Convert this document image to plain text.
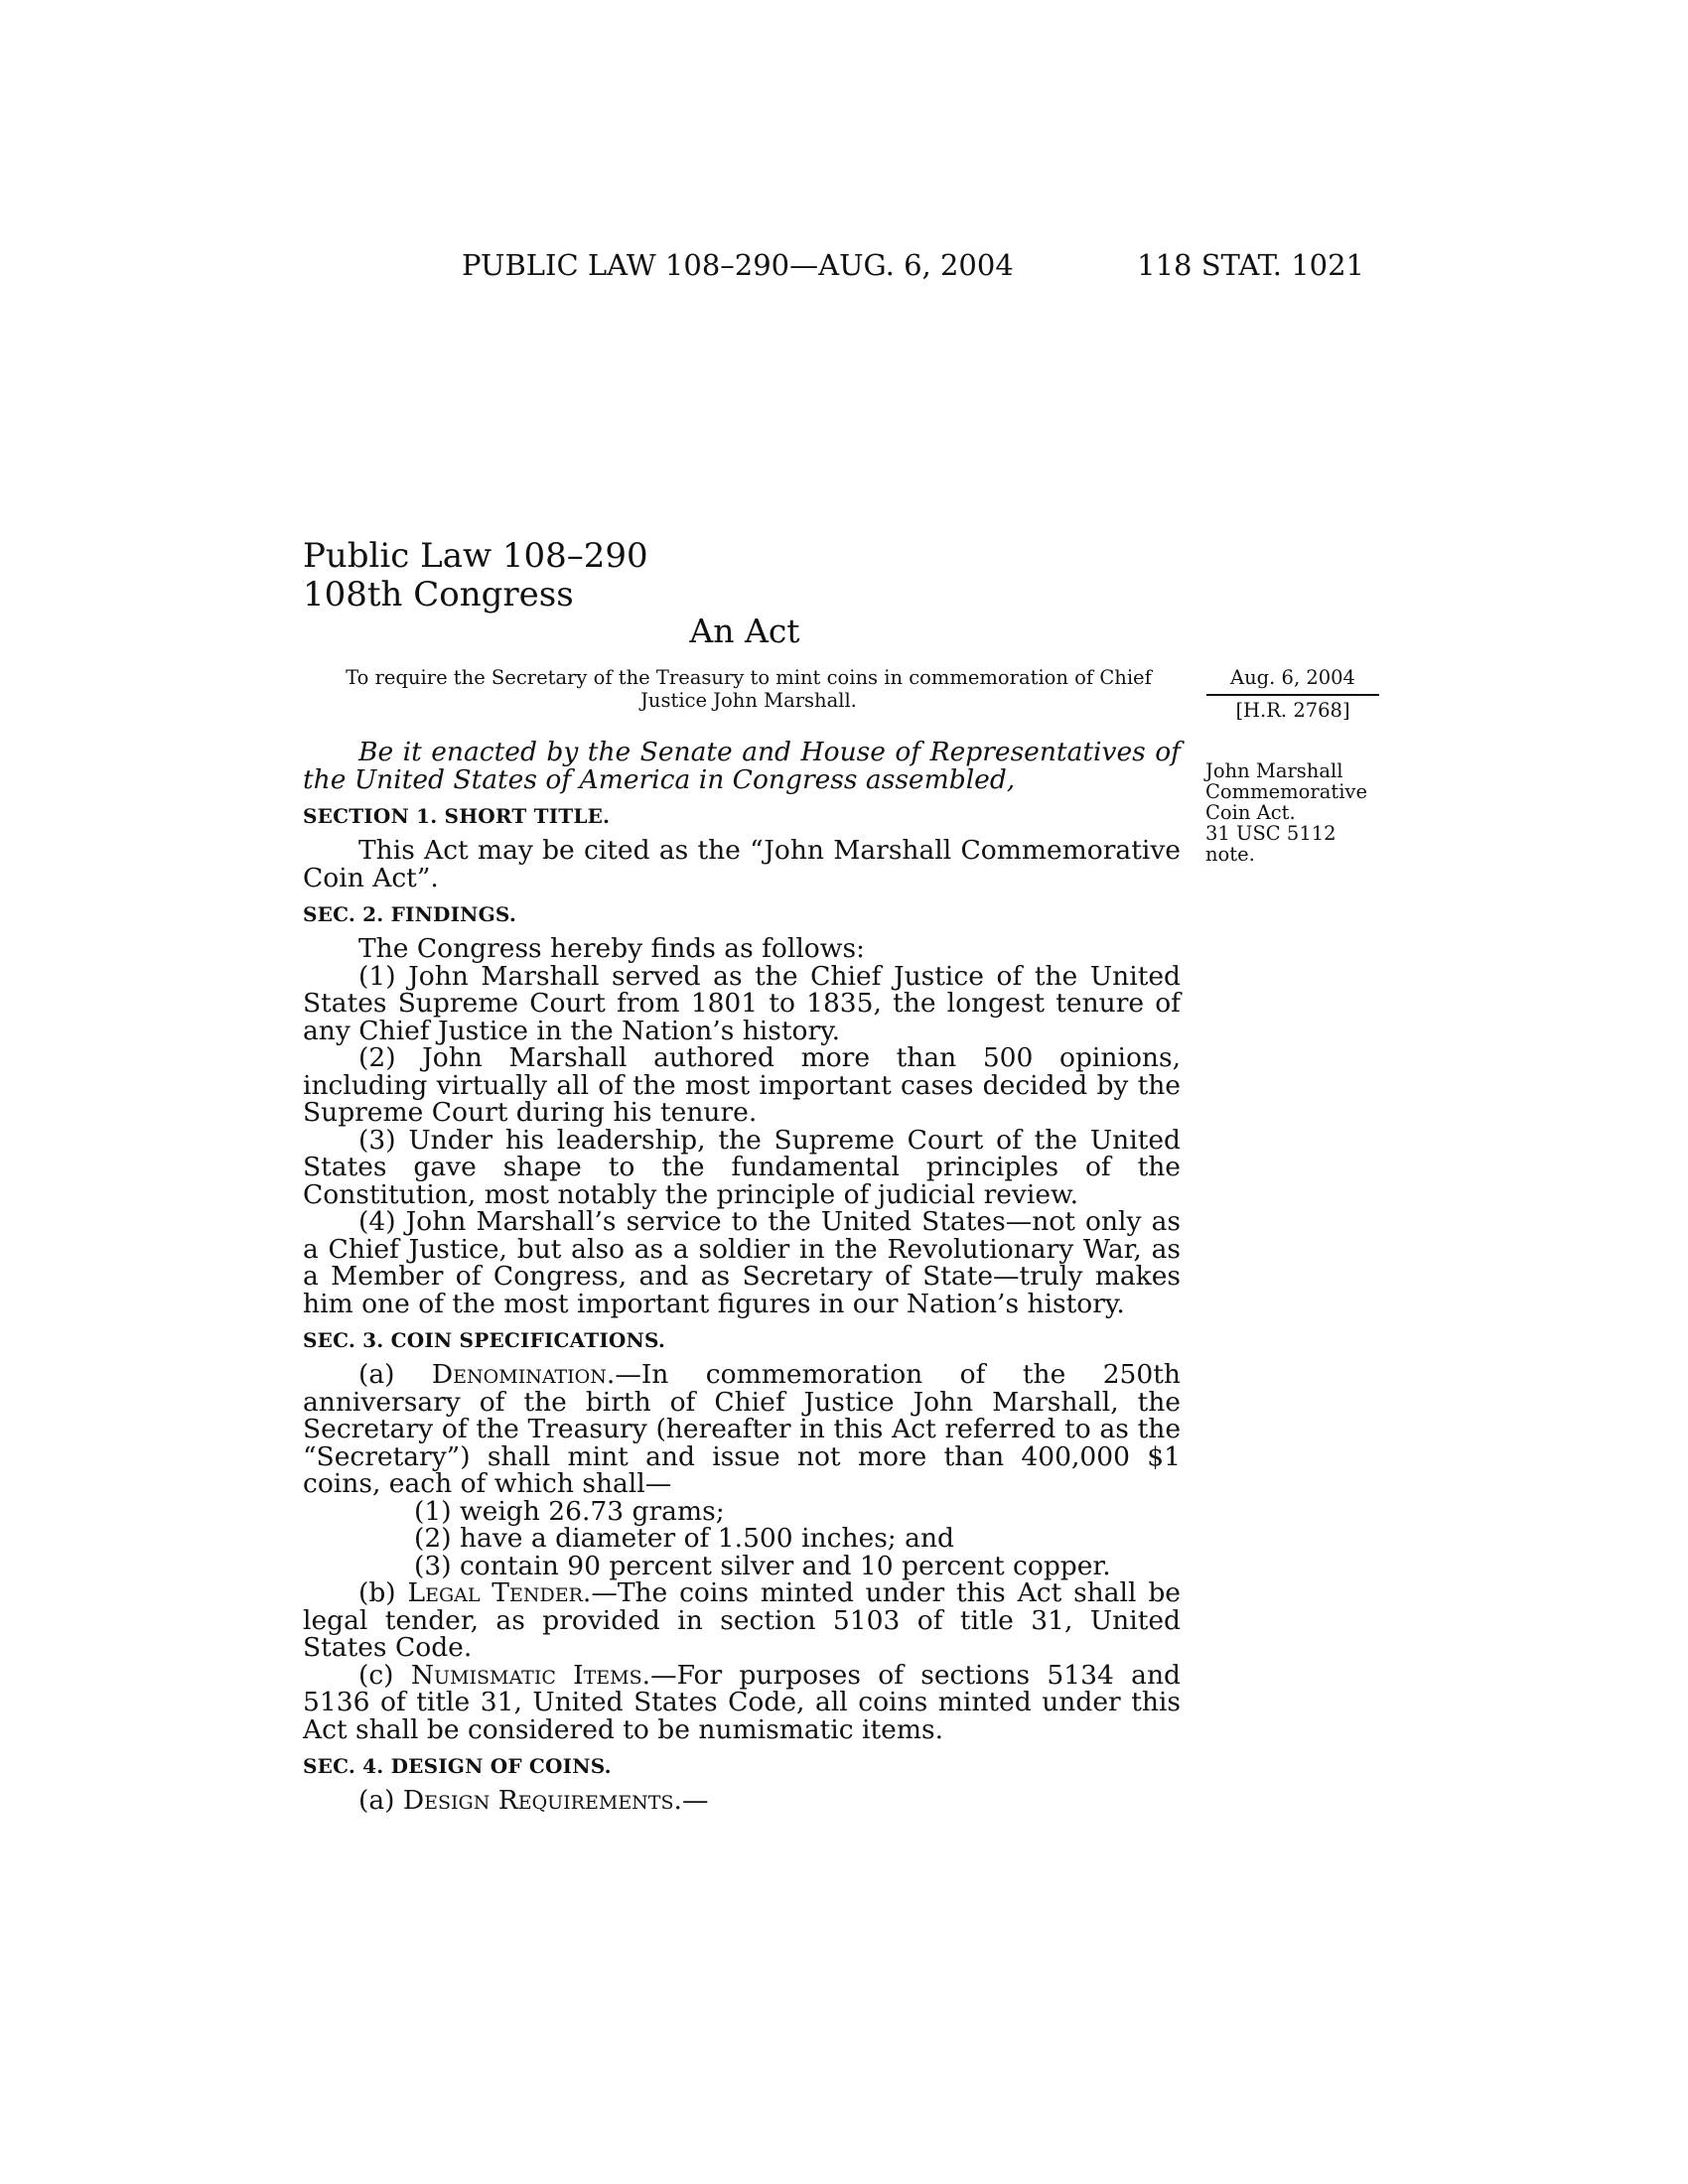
PUBLIC LAW 108–290—AUG. 6, 2004	118 STAT. 1021
Public Law 108–290
108th Congress
An Act
To require the Secretary of the Treasury to mint coins in commemoration of Chief
Justice John Marshall.
Aug. 6, 2004
[H.R. 2768]
John Marshall
Commemorative
Coin Act.
31 USC 5112
note.

Be it enacted by the Senate and House of Representatives of the United States of America in Congress assembled,

SECTION 1. SHORT TITLE.

This Act may be cited as the “John Marshall Commemorative Coin Act”.

SEC. 2. FINDINGS.

The Congress hereby finds as follows:

(1) John Marshall served as the Chief Justice of the United States Supreme Court from 1801 to 1835, the longest tenure of any Chief Justice in the Nation’s history.

(2) John Marshall authored more than 500 opinions, including virtually all of the most important cases decided by the Supreme Court during his tenure.

(3) Under his leadership, the Supreme Court of the United States gave shape to the fundamental principles of the Constitution, most notably the principle of judicial review.

(4) John Marshall’s service to the United States—not only as a Chief Justice, but also as a soldier in the Revolutionary War, as a Member of Congress, and as Secretary of State—truly makes him one of the most important figures in our Nation’s history.

SEC. 3. COIN SPECIFICATIONS.

(a) Denomination.—In commemoration of the 250th anniversary of the birth of Chief Justice John Marshall, the Secretary of the Treasury (hereafter in this Act referred to as the “Secretary”) shall mint and issue not more than 400,000 $1 coins, each of which shall—

(1) weigh 26.73 grams;

(2) have a diameter of 1.500 inches; and

(3) contain 90 percent silver and 10 percent copper.

(b) Legal Tender.—The coins minted under this Act shall be legal tender, as provided in section 5103 of title 31, United States Code.

(c) Numismatic Items.—For purposes of sections 5134 and 5136 of title 31, United States Code, all coins minted under this Act shall be considered to be numismatic items.

SEC. 4. DESIGN OF COINS.

(a) Design Requirements.—
